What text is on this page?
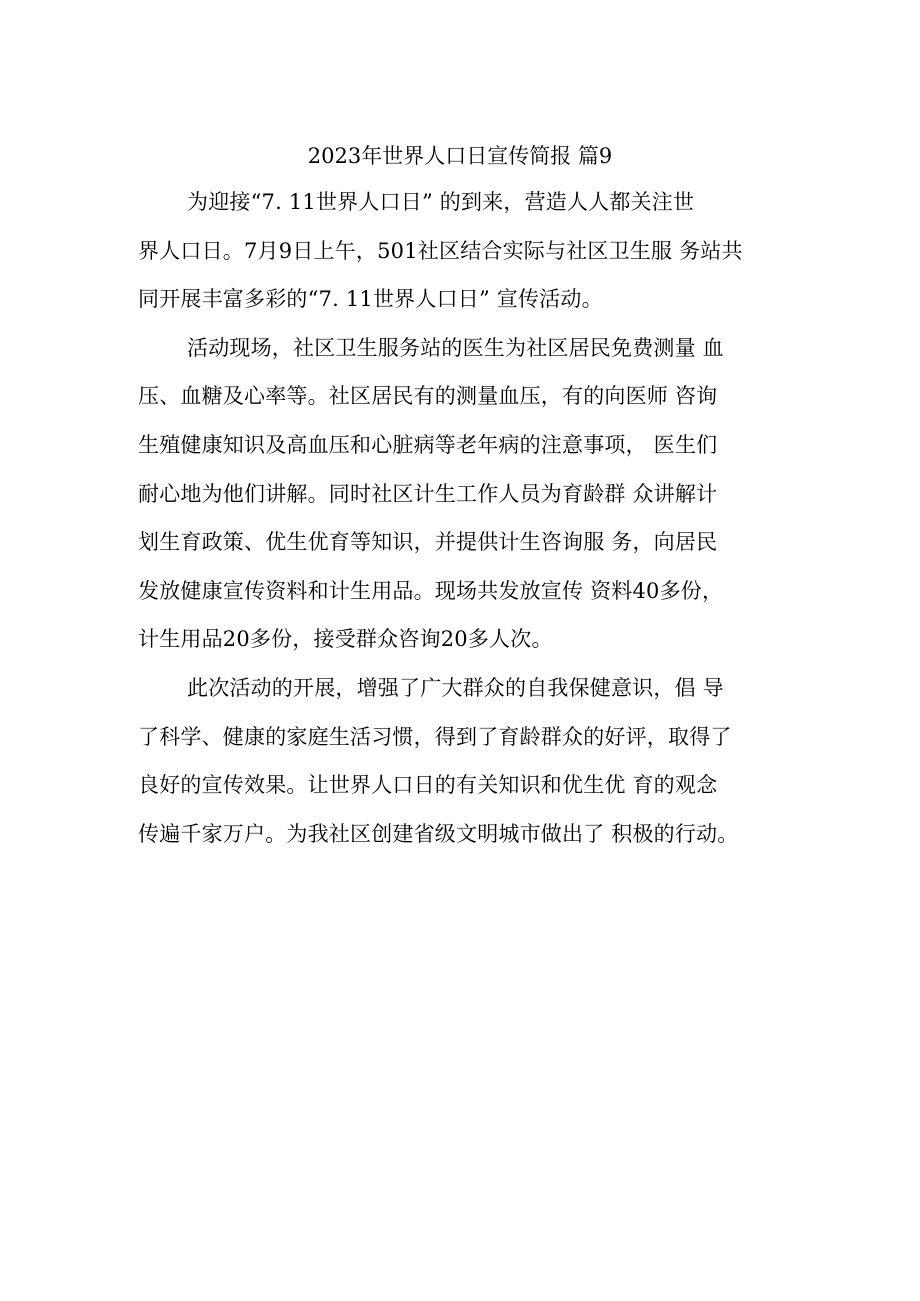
2023年世界人口日宣传简报 篇9
为迎接“7. 11世界人口日” 的到来，营造人人都关注世
界人口日。7月9日上午，501社区结合实际与社区卫生服 务站共
同开展丰富多彩的“7. 11世界人口日” 宣传活动。
活动现场，社区卫生服务站的医生为社区居民免费测量 血
压、血糖及心率等。社区居民有的测量血压，有的向医师 咨询
生殖健康知识及高血压和心脏病等老年病的注意事项， 医生们
耐心地为他们讲解。同时社区计生工作人员为育龄群 众讲解计
划生育政策、优生优育等知识，并提供计生咨询服 务，向居民
发放健康宣传资料和计生用品。现场共发放宣传 资料40多份，
计生用品20多份，接受群众咨询20多人次。
此次活动的开展，增强了广大群众的自我保健意识，倡 导
了科学、健康的家庭生活习惯，得到了育龄群众的好评，取得了
良好的宣传效果。让世界人口日的有关知识和优生优 育的观念
传遍千家万户。为我社区创建省级文明城市做出了 积极的行动。
